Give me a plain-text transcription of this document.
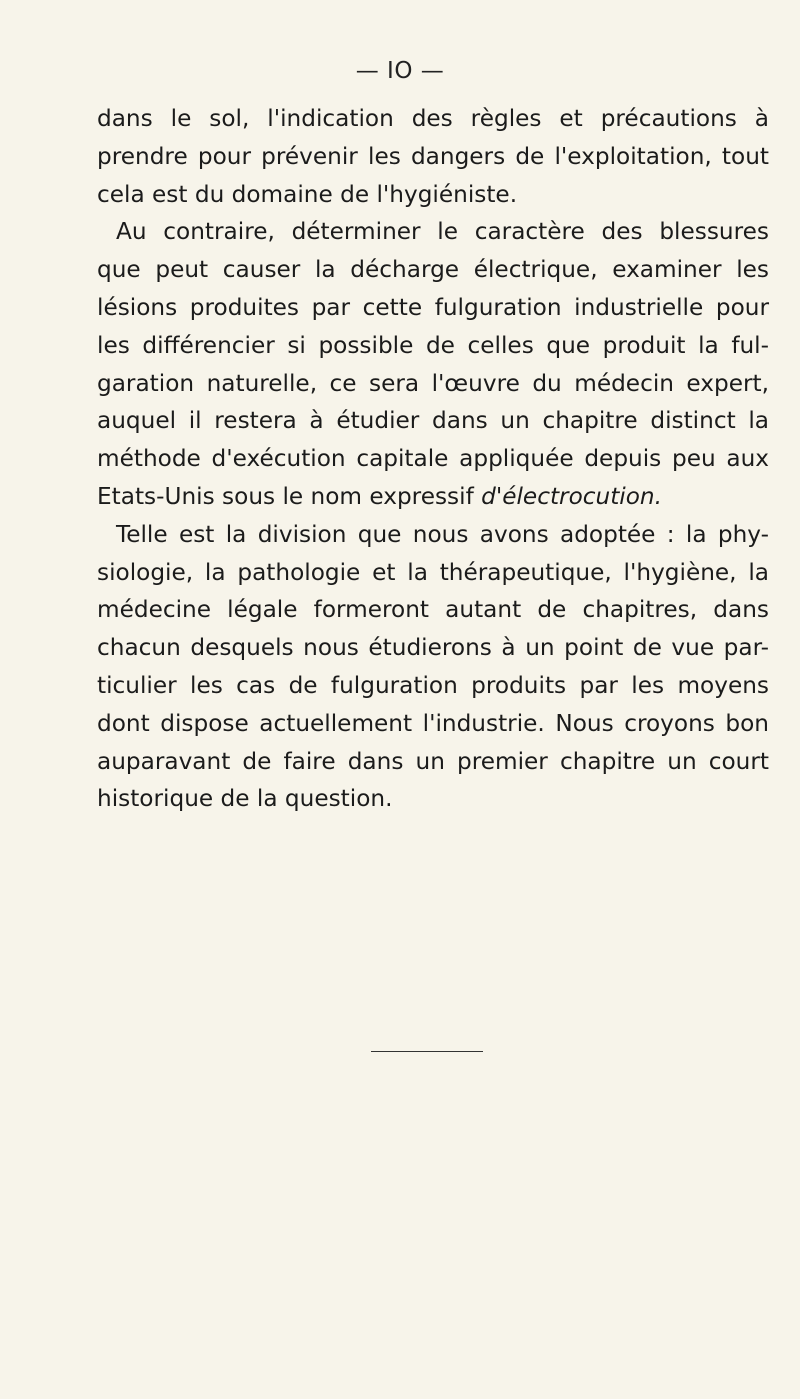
— IO —

dans le sol, l'indication des règles et précautions à
prendre pour prévenir les dangers de l'exploitation, tout
cela est du domaine de l'hygiéniste.

Au contraire, déterminer le caractère des blessures
que peut causer la décharge électrique, examiner les
lésions produites par cette fulguration industrielle pour
les différencier si possible de celles que produit la ful-
garation naturelle, ce sera l'œuvre du médecin expert,
auquel il restera à étudier dans un chapitre distinct la
méthode d'exécution capitale appliquée depuis peu aux
Etats-Unis sous le nom expressif d'électrocution.

Telle est la division que nous avons adoptée : la phy-
siologie, la pathologie et la thérapeutique, l'hygiène, la
médecine légale formeront autant de chapitres, dans
chacun desquels nous étudierons à un point de vue par-
ticulier les cas de fulguration produits par les moyens
dont dispose actuellement l'industrie. Nous croyons bon
auparavant de faire dans un premier chapitre un court
historique de la question.
